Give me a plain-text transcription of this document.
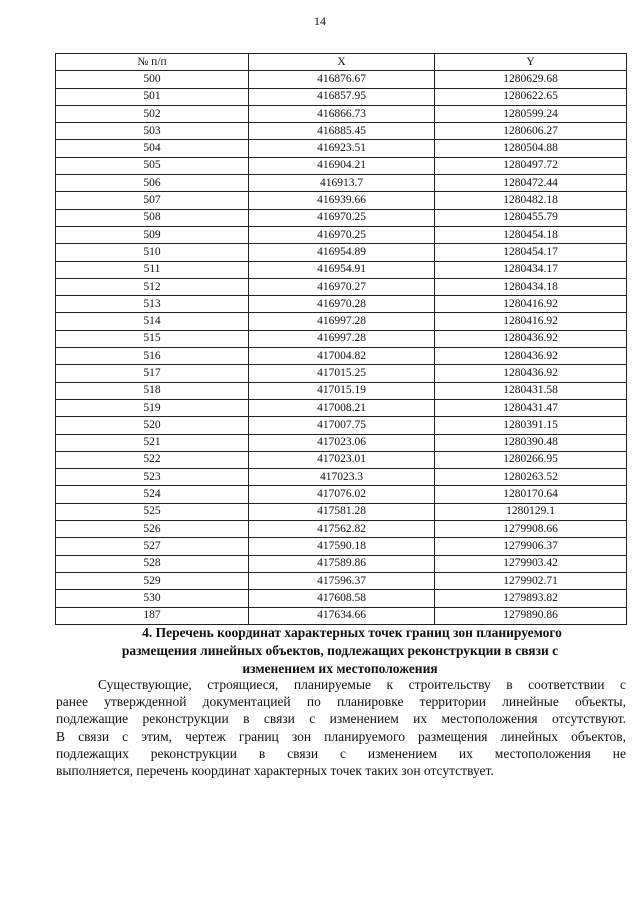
14
№ п/п	X	Y
500	416876.67	1280629.68
501	416857.95	1280622.65
502	416866.73	1280599.24
503	416885.45	1280606.27
504	416923.51	1280504.88
505	416904.21	1280497.72
506	416913.7	1280472.44
507	416939.66	1280482.18
508	416970.25	1280455.79
509	416970.25	1280454.18
510	416954.89	1280454.17
511	416954.91	1280434.17
512	416970.27	1280434.18
513	416970.28	1280416.92
514	416997.28	1280416.92
515	416997.28	1280436.92
516	417004.82	1280436.92
517	417015.25	1280436.92
518	417015.19	1280431.58
519	417008.21	1280431.47
520	417007.75	1280391.15
521	417023.06	1280390.48
522	417023.01	1280266.95
523	417023.3	1280263.52
524	417076.02	1280170.64
525	417581.28	1280129.1
526	417562.82	1279908.66
527	417590.18	1279906.37
528	417589.86	1279903.42
529	417596.37	1279902.71
530	417608.58	1279893.82
187	417634.66	1279890.86
4. Перечень координат характерных точек границ зон планируемого
размещения линейных объектов, подлежащих реконструкции в связи с
изменением их местоположения
Существующие, строящиеся, планируемые к строительству в соответствии с
ранее утвержденной документацией по планировке территории линейные объекты,
подлежащие реконструкции в связи с изменением их местоположения отсутствуют.
В связи с этим, чертеж границ зон планируемого размещения линейных объектов,
подлежащих реконструкции в связи с изменением их местоположения не
выполняется, перечень координат характерных точек таких зон отсутствует.
